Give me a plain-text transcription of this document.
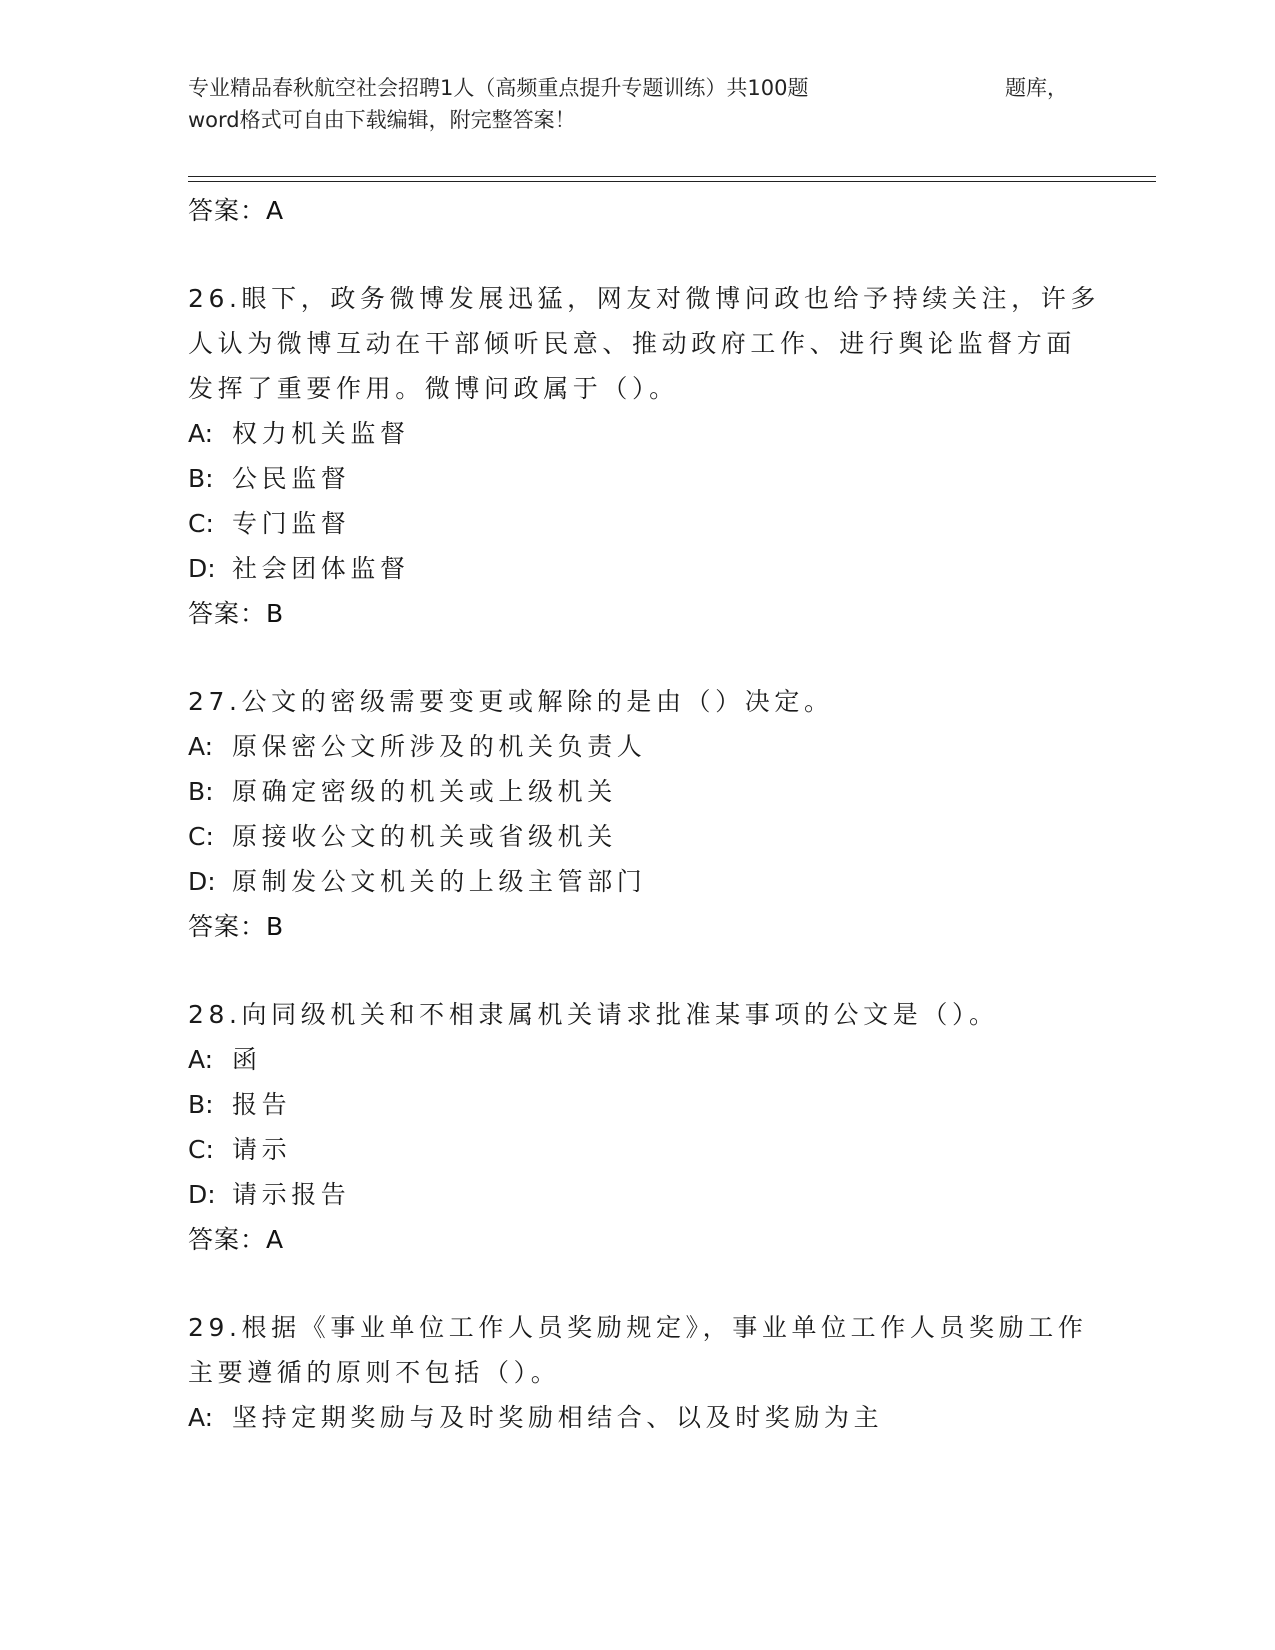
专业精品春秋航空社会招聘1人（高频重点提升专题训练）共100题	题库，
word格式可自由下载编辑，附完整答案！
答案：A
26.眼下，政务微博发展迅猛，网友对微博问政也给予持续关注，许多
人认为微博互动在干部倾听民意、推动政府工作、进行舆论监督方面
发挥了重要作用。微博问政属于（）。
A: 权力机关监督
B: 公民监督
C: 专门监督
D: 社会团体监督
答案：B
27.公文的密级需要变更或解除的是由（）决定。
A: 原保密公文所涉及的机关负责人
B: 原确定密级的机关或上级机关
C: 原接收公文的机关或省级机关
D: 原制发公文机关的上级主管部门
答案：B
28.向同级机关和不相隶属机关请求批准某事项的公文是（）。
A: 函
B: 报告
C: 请示
D: 请示报告
答案：A
29.根据《事业单位工作人员奖励规定》，事业单位工作人员奖励工作
主要遵循的原则不包括（）。
A: 坚持定期奖励与及时奖励相结合、以及时奖励为主
